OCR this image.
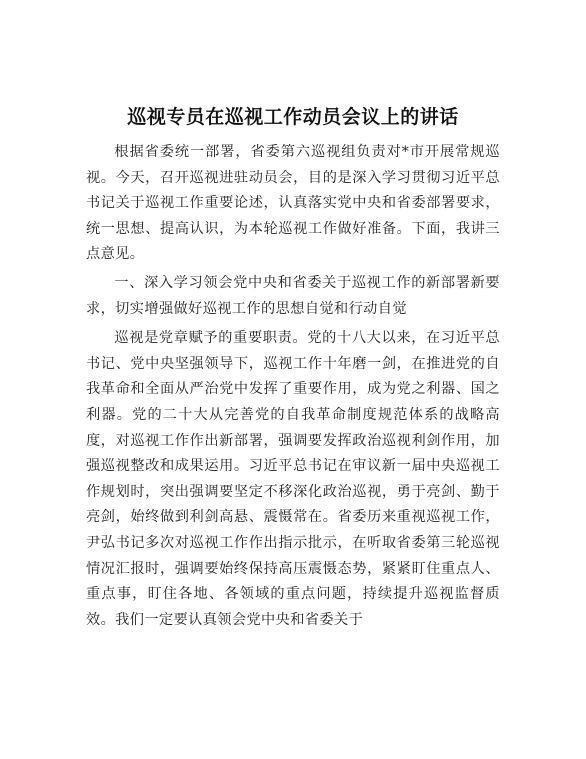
巡视专员在巡视工作动员会议上的讲话

根据省委统一部署，省委第六巡视组负责对*市开展常规巡视。今天，召开巡视进驻动员会，目的是深入学习贯彻习近平总书记关于巡视工作重要论述，认真落实党中央和省委部署要求，统一思想、提高认识，为本轮巡视工作做好准备。下面，我讲三点意见。

一、深入学习领会党中央和省委关于巡视工作的新部署新要求，切实增强做好巡视工作的思想自觉和行动自觉

巡视是党章赋予的重要职责。党的十八大以来，在习近平总书记、党中央坚强领导下，巡视工作十年磨一剑，在推进党的自我革命和全面从严治党中发挥了重要作用，成为党之利器、国之利器。党的二十大从完善党的自我革命制度规范体系的战略高度，对巡视工作作出新部署，强调要发挥政治巡视利剑作用，加强巡视整改和成果运用。习近平总书记在审议新一届中央巡视工作规划时，突出强调要坚定不移深化政治巡视，勇于亮剑、勤于亮剑，始终做到利剑高悬、震慑常在。省委历来重视巡视工作，尹弘书记多次对巡视工作作出指示批示，在听取省委第三轮巡视情况汇报时，强调要始终保持高压震慑态势，紧紧盯住重点人、重点事，盯住各地、各领域的重点问题，持续提升巡视监督质效。我们一定要认真领会党中央和省委关于
